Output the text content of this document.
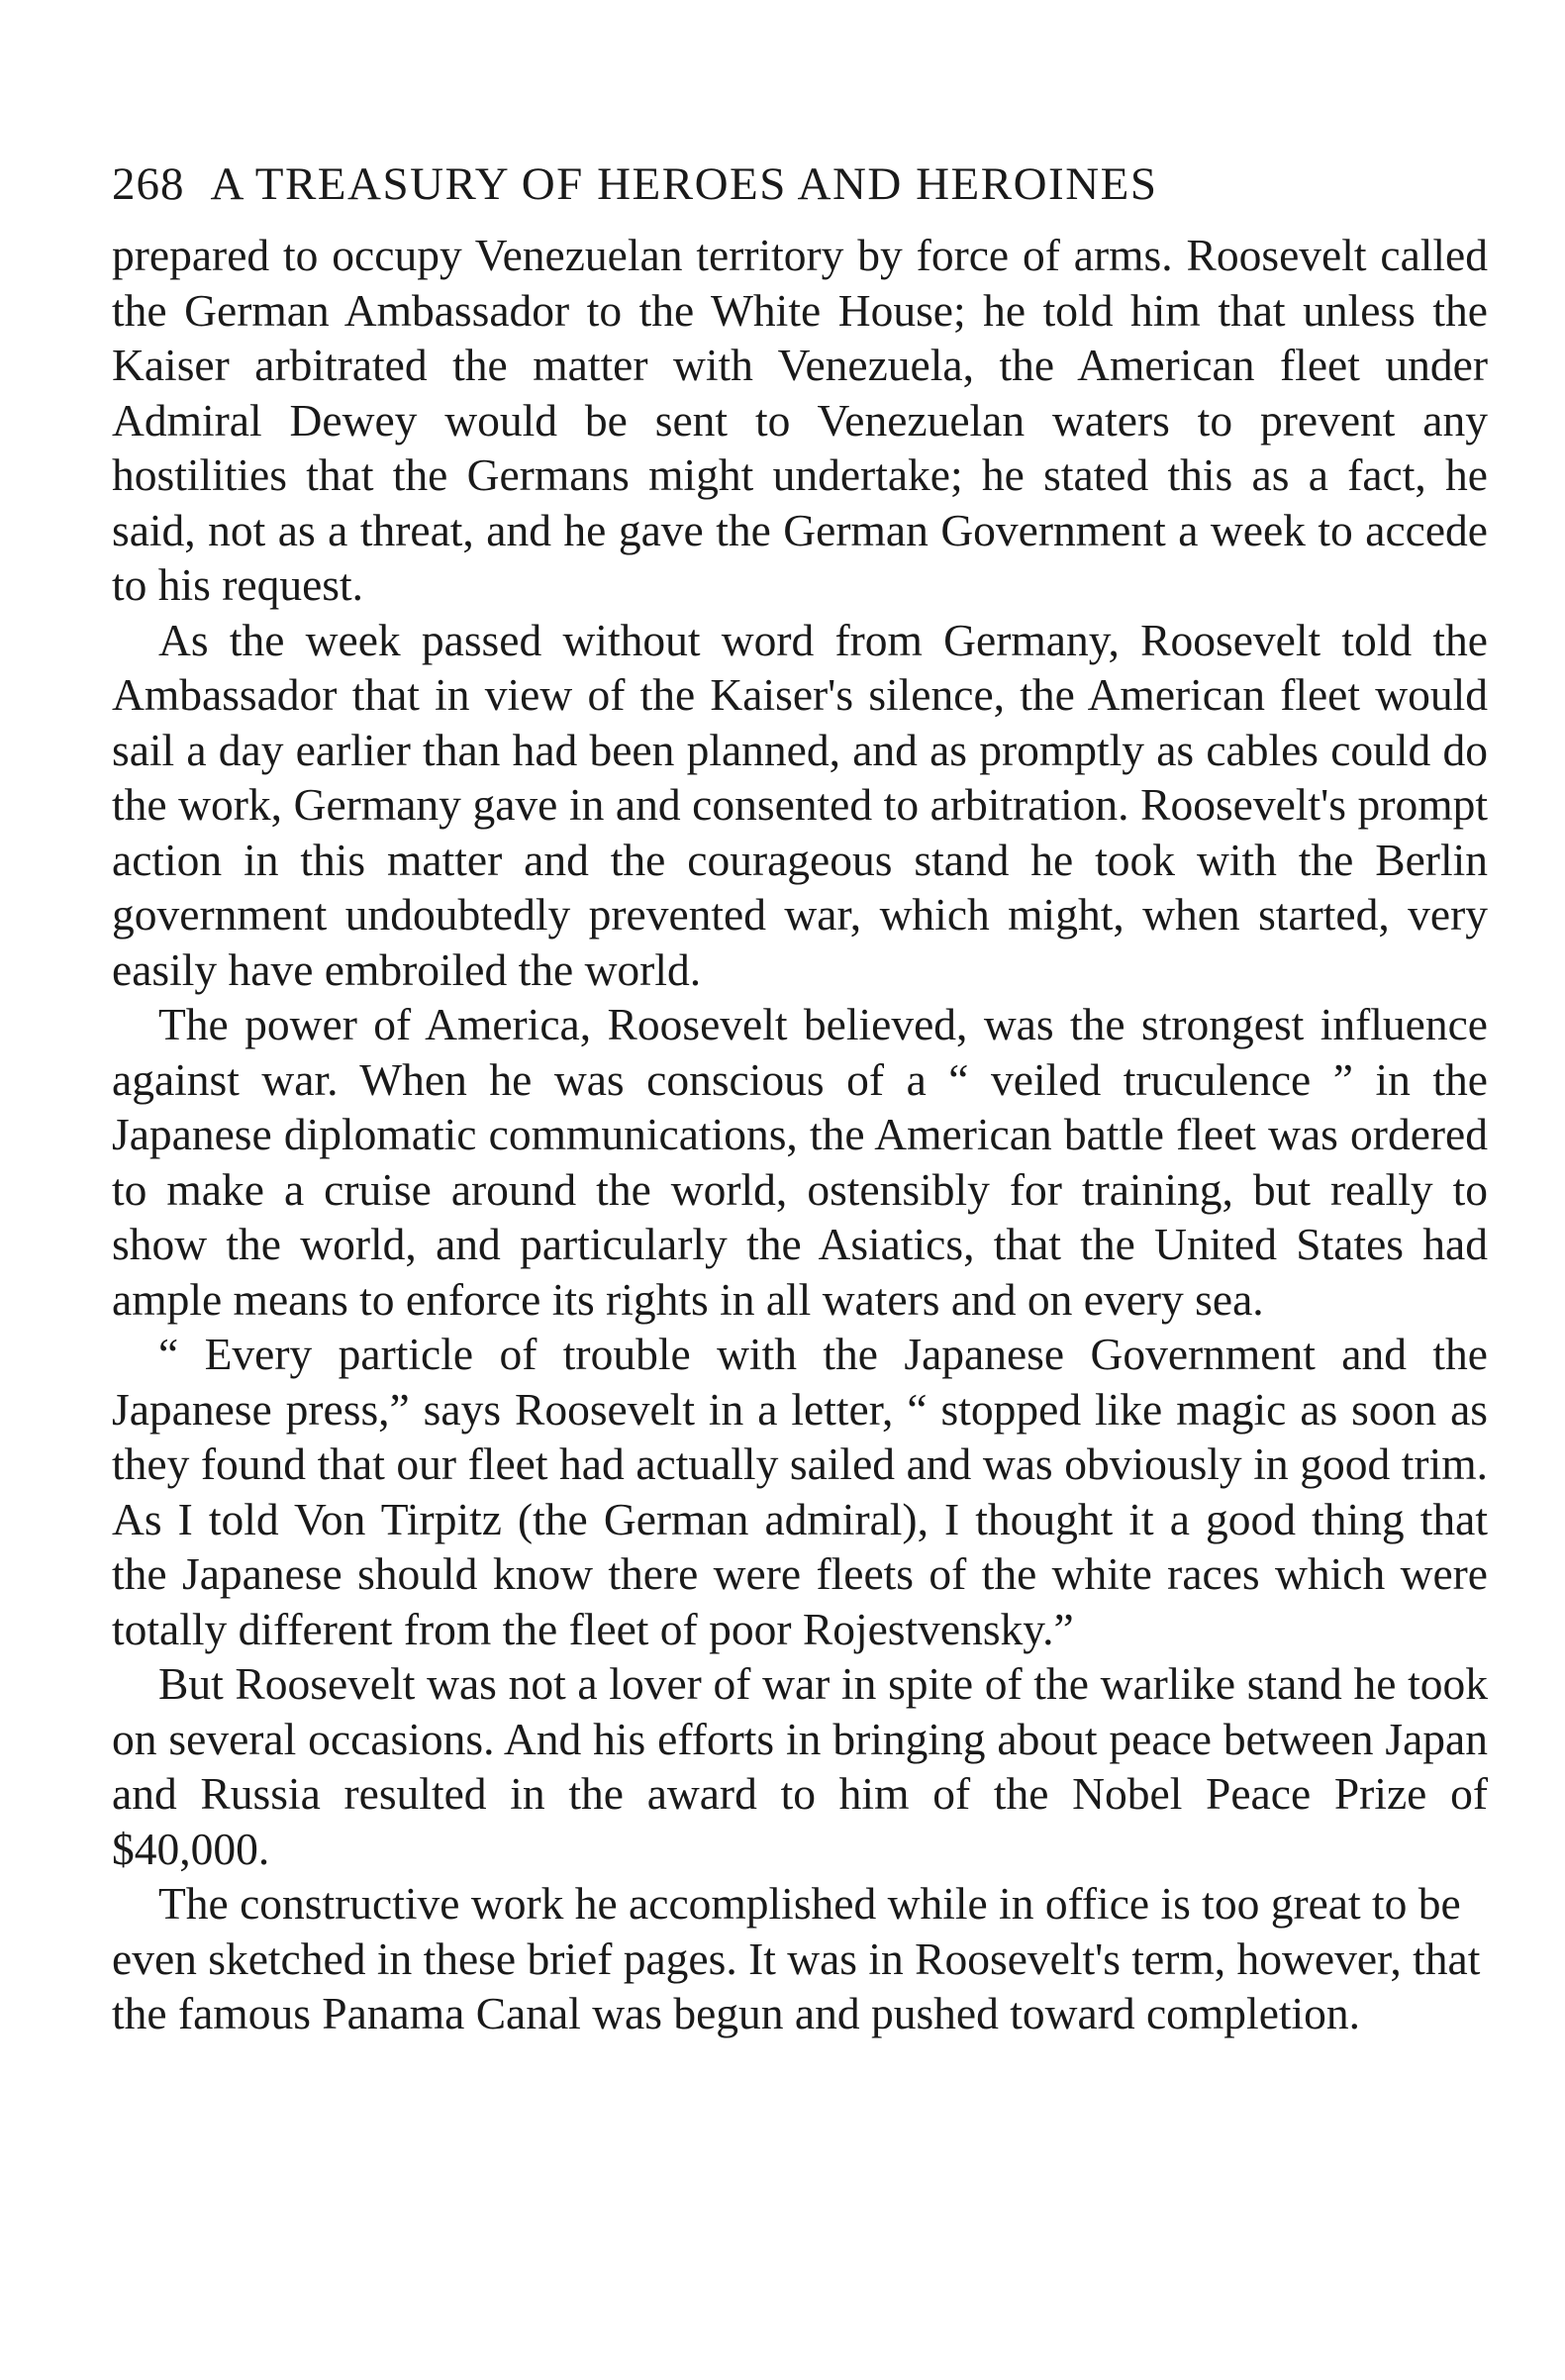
268 A TREASURY OF HEROES AND HEROINES

prepared to occupy Venezuelan territory by force of arms. Roosevelt called the German Ambassador to the White House; he told him that unless the Kaiser arbitrated the matter with Venezuela, the American fleet under Admiral Dewey would be sent to Venezuelan waters to prevent any hostilities that the Germans might undertake; he stated this as a fact, he said, not as a threat, and he gave the German Government a week to accede to his request.

As the week passed without word from Germany, Roosevelt told the Ambassador that in view of the Kaiser's silence, the American fleet would sail a day earlier than had been planned, and as promptly as cables could do the work, Germany gave in and consented to arbitration. Roosevelt's prompt action in this matter and the courageous stand he took with the Berlin government undoubtedly prevented war, which might, when started, very easily have embroiled the world.

The power of America, Roosevelt believed, was the strongest influence against war. When he was conscious of a “ veiled truculence ” in the Japanese diplomatic communications, the American battle fleet was ordered to make a cruise around the world, ostensibly for training, but really to show the world, and particularly the Asiatics, that the United States had ample means to enforce its rights in all waters and on every sea.

“ Every particle of trouble with the Japanese Government and the Japanese press,” says Roosevelt in a letter, “ stopped like magic as soon as they found that our fleet had actually sailed and was obviously in good trim. As I told Von Tirpitz (the German admiral), I thought it a good thing that the Japanese should know there were fleets of the white races which were totally different from the fleet of poor Rojestvensky.”

But Roosevelt was not a lover of war in spite of the warlike stand he took on several occasions. And his efforts in bringing about peace between Japan and Russia resulted in the award to him of the Nobel Peace Prize of $40,000.

The constructive work he accomplished while in office is too great to be even sketched in these brief pages. It was in Roosevelt's term, however, that the famous Panama Canal was begun and pushed toward completion.
